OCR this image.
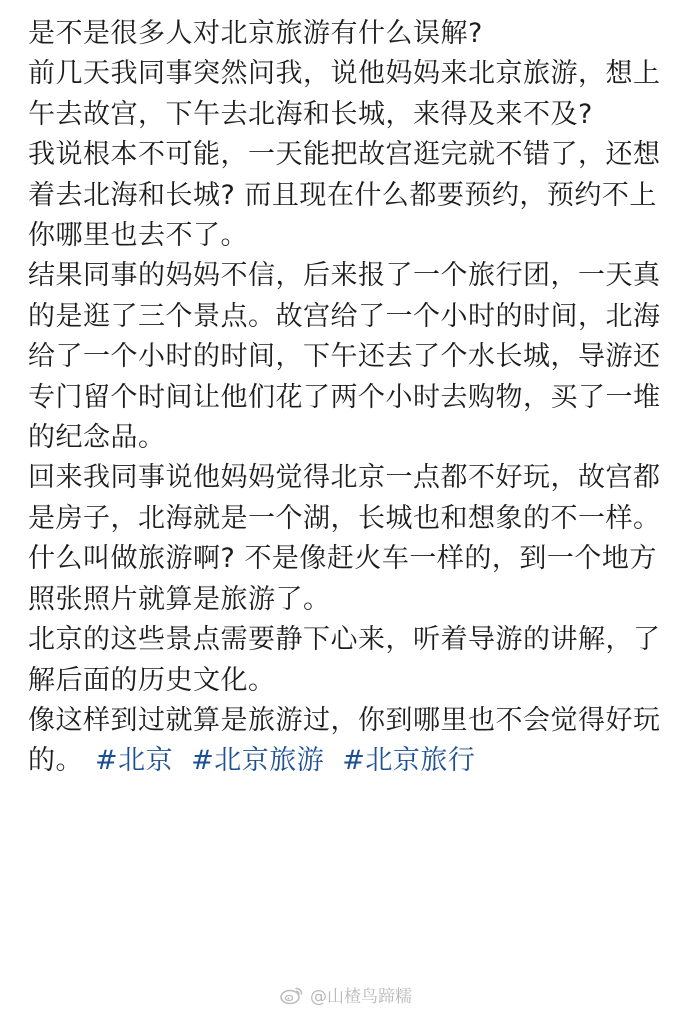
是不是很多人对北京旅游有什么误解?

前几天我同事突然问我，说他妈妈来北京旅游，想上午去故宫，下午去北海和长城，来得及来不及?

我说根本不可能，一天能把故宫逛完就不错了，还想着去北海和长城? 而且现在什么都要预约，预约不上你哪里也去不了。

结果同事的妈妈不信，后来报了一个旅行团，一天真的是逛了三个景点。故宫给了一个小时的时间，北海给了一个小时的时间，下午还去了个水长城，导游还专门留个时间让他们花了两个小时去购物，买了一堆的纪念品。

回来我同事说他妈妈觉得北京一点都不好玩，故宫都是房子，北海就是一个湖，长城也和想象的不一样。

什么叫做旅游啊? 不是像赶火车一样的，到一个地方照张照片就算是旅游了。

北京的这些景点需要静下心来，听着导游的讲解，了解后面的历史文化。

像这样到过就算是旅游过，你到哪里也不会觉得好玩的。 #北京 #北京旅游 #北京旅行

@山楂鸟蹄糯
